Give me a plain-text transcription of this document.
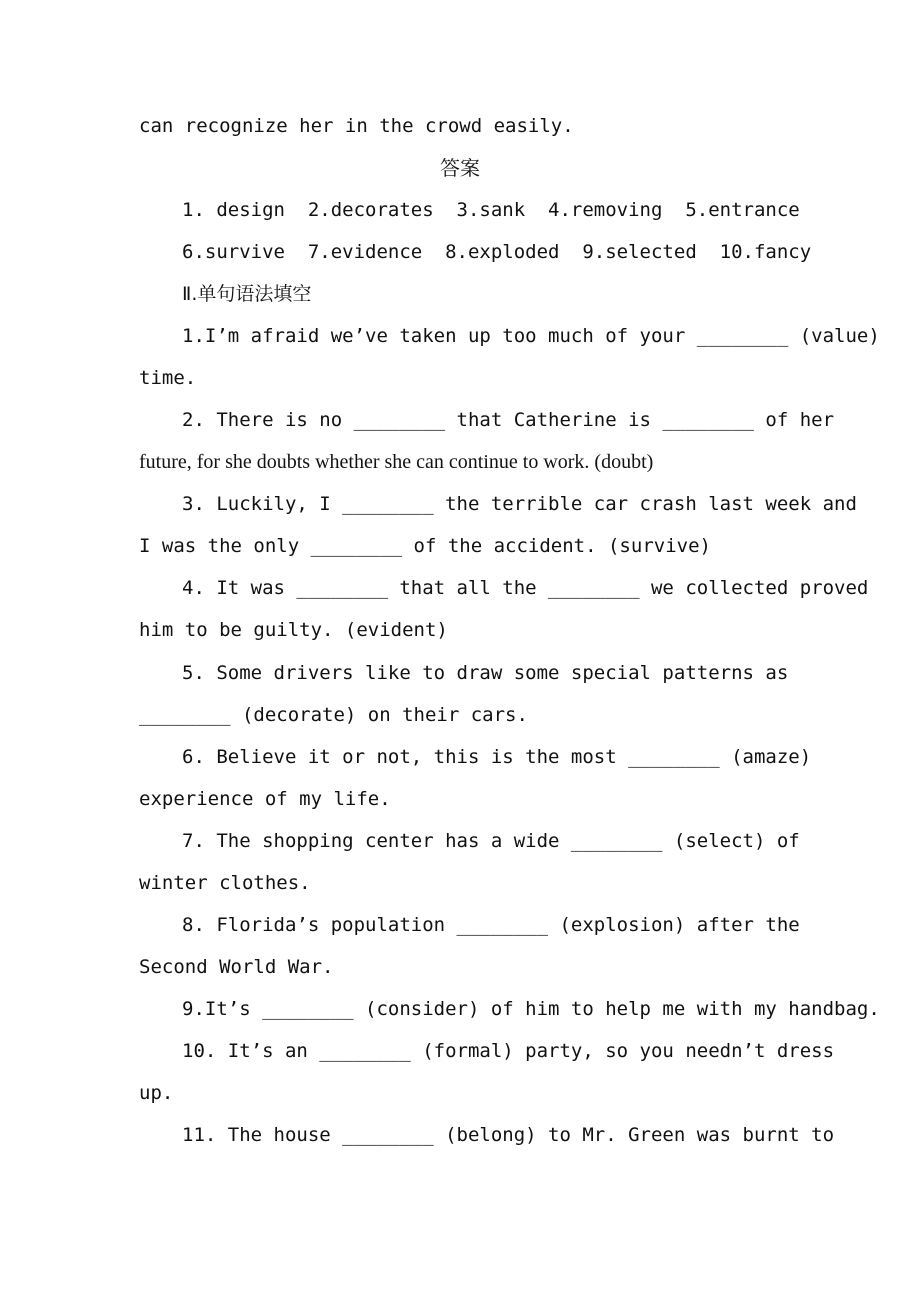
can recognize her in the crowd easily.
答案
1. design  2.decorates  3.sank  4.removing  5.entrance
6.survive  7.evidence  8.exploded  9.selected  10.fancy
Ⅱ.单句语法填空
1.I’m afraid we’ve taken up too much of your ________ (value)
time.
2. There is no ________ that Catherine is ________ of her
future, for she doubts whether she can continue to work. (doubt)
3. Luckily, I ________ the terrible car crash last week and
I was the only ________ of the accident. (survive)
4. It was ________ that all the ________ we collected proved
him to be guilty. (evident)
5. Some drivers like to draw some special patterns as
________ (decorate) on their cars.
6. Believe it or not, this is the most ________ (amaze)
experience of my life.
7. The shopping center has a wide ________ (select) of
winter clothes.
8. Florida’s population ________ (explosion) after the
Second World War.
9.It’s ________ (consider) of him to help me with my handbag.
10. It’s an ________ (formal) party, so you needn’t dress
up.
11. The house ________ (belong) to Mr. Green was burnt to
